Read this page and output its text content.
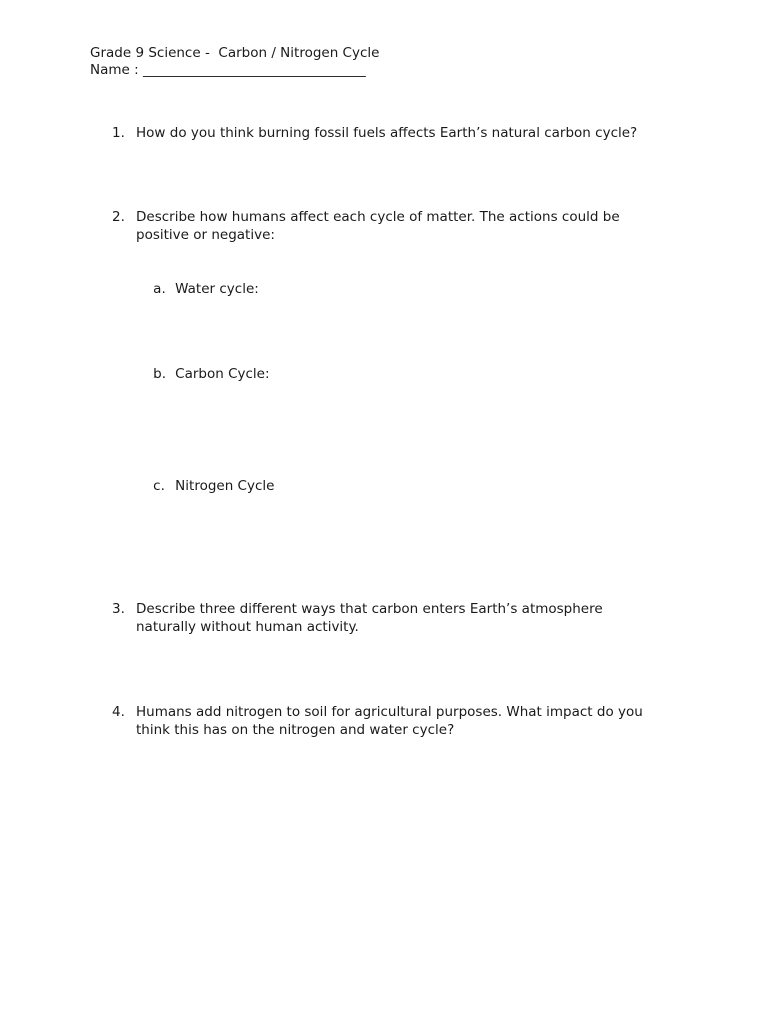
Grade 9 Science -  Carbon / Nitrogen Cycle
Name : _________________________________
1. How do you think burning fossil fuels affects Earth’s natural carbon cycle?
2. Describe how humans affect each cycle of matter. The actions could be positive or negative:

a. Water cycle:

b. Carbon Cycle:

c. Nitrogen Cycle

3. Describe three different ways that carbon enters Earth’s atmosphere naturally without human activity.
4. Humans add nitrogen to soil for agricultural purposes. What impact do you think this has on the nitrogen and water cycle?
